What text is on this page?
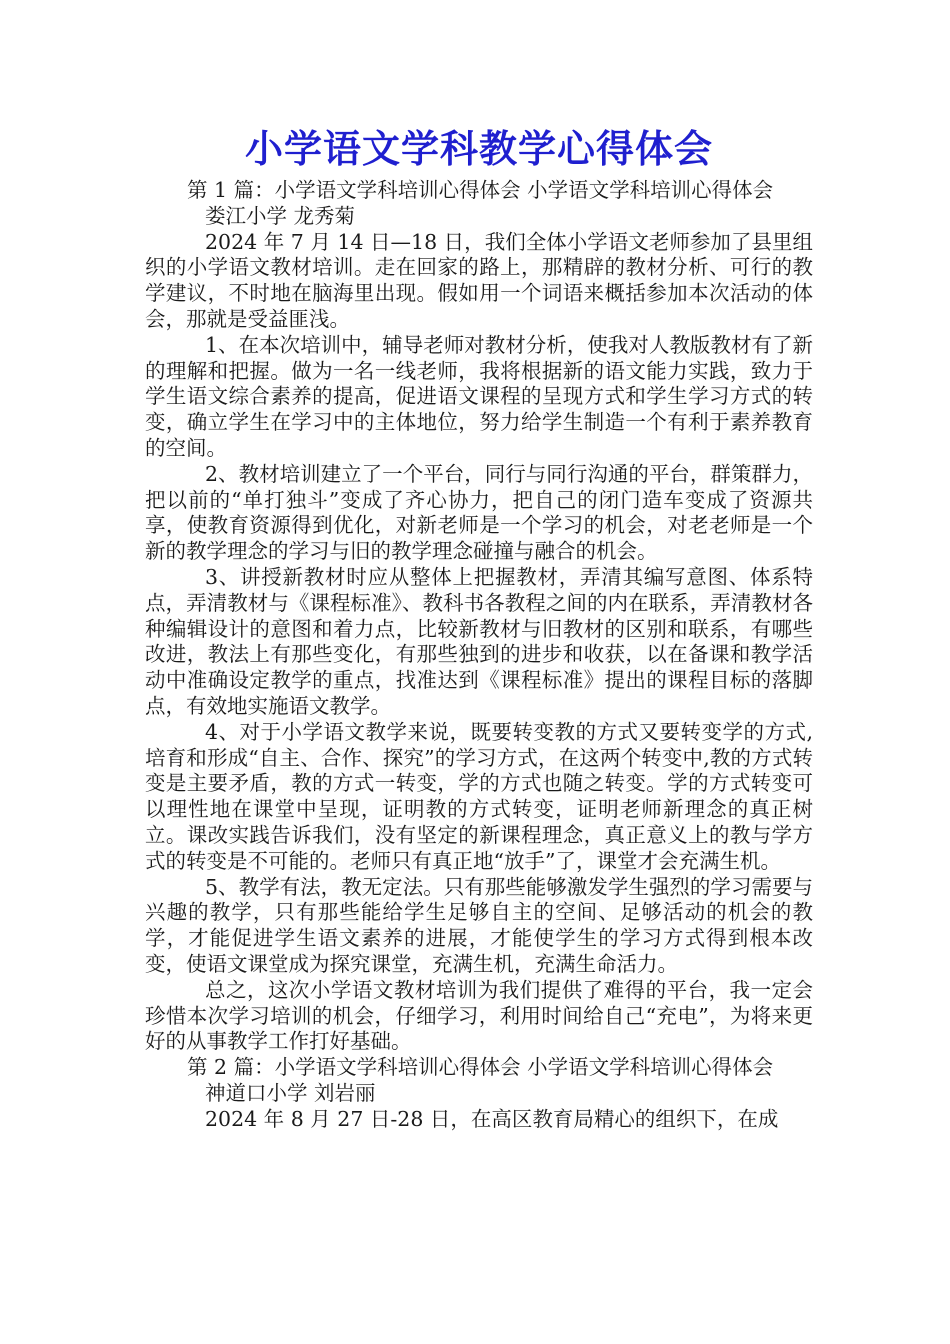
小学语文学科教学心得体会

第 1 篇：小学语文学科培训心得体会 小学语文学科培训心得体会

娄江小学 龙秀菊

2024 年 7 月 14 日—18 日，我们全体小学语文老师参加了县里组织的小学语文教材培训。走在回家的路上，那精辟的教材分析、可行的教学建议，不时地在脑海里出现。假如用一个词语来概括参加本次活动的体会，那就是受益匪浅。

1、在本次培训中，辅导老师对教材分析，使我对人教版教材有了新的理解和把握。做为一名一线老师，我将根据新的语文能力实践，致力于学生语文综合素养的提高，促进语文课程的呈现方式和学生学习方式的转变，确立学生在学习中的主体地位，努力给学生制造一个有利于素养教育的空间。

2、教材培训建立了一个平台，同行与同行沟通的平台，群策群力，把以前的“单打独斗”变成了齐心协力，把自己的闭门造车变成了资源共享，使教育资源得到优化，对新老师是一个学习的机会，对老老师是一个新的教学理念的学习与旧的教学理念碰撞与融合的机会。

3、讲授新教材时应从整体上把握教材，弄清其编写意图、体系特点，弄清教材与《课程标准》、教科书各教程之间的内在联系，弄清教材各种编辑设计的意图和着力点，比较新教材与旧教材的区别和联系，有哪些改进，教法上有那些变化，有那些独到的进步和收获，以在备课和教学活动中准确设定教学的重点，找准达到《课程标准》提出的课程目标的落脚点，有效地实施语文教学。

4、对于小学语文教学来说，既要转变教的方式又要转变学的方式,培育和形成“自主、合作、探究”的学习方式，在这两个转变中,教的方式转变是主要矛盾，教的方式一转变，学的方式也随之转变。学的方式转变可以理性地在课堂中呈现，证明教的方式转变，证明老师新理念的真正树立。课改实践告诉我们，没有坚定的新课程理念，真正意义上的教与学方式的转变是不可能的。老师只有真正地“放手”了，课堂才会充满生机。

5、教学有法，教无定法。只有那些能够激发学生强烈的学习需要与兴趣的教学，只有那些能给学生足够自主的空间、足够活动的机会的教学，才能促进学生语文素养的进展，才能使学生的学习方式得到根本改变，使语文课堂成为探究课堂，充满生机，充满生命活力。

总之，这次小学语文教材培训为我们提供了难得的平台，我一定会珍惜本次学习培训的机会，仔细学习，利用时间给自己“充电”，为将来更好的从事教学工作打好基础。

第 2 篇：小学语文学科培训心得体会 小学语文学科培训心得体会

神道口小学 刘岩丽

2024 年 8 月 27 日-28 日，在高区教育局精心的组织下，在成
